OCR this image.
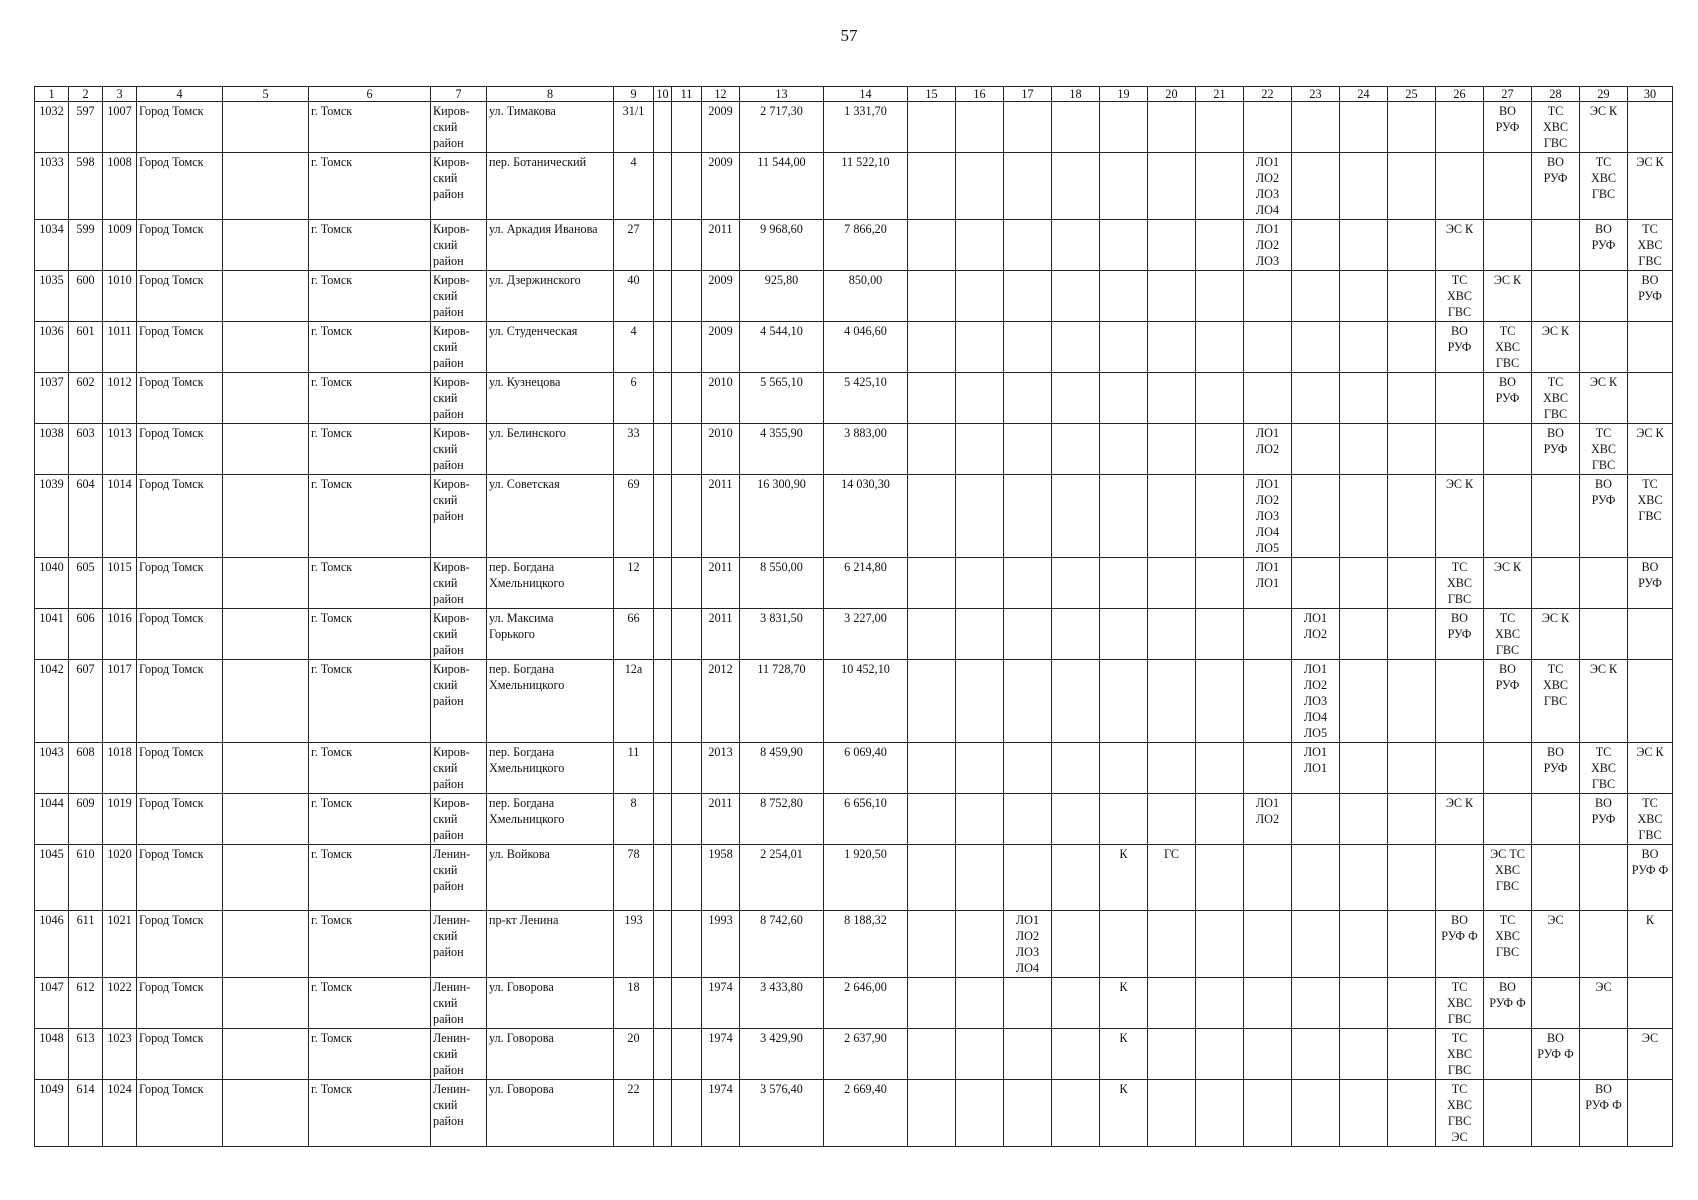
57
1	2	3	4	5	6	7	8	9	10	11	12	13	14	15	16	17	18	19	20	21	22	23	24	25	26	27	28	29	30
1032	597	1007	Город Томск		г. Томск	Киров-
ский
район	ул. Тимакова	31/1			2009	2 717,30	1 331,70													ВО
РУФ	ТС
ХВС
ГВС	ЭС К	
1033	598	1008	Город Томск		г. Томск	Киров-
ский
район	пер. Ботанический	4			2009	11 544,00	11 522,10								ЛО1
ЛО2
ЛО3
ЛО4						ВО
РУФ	ТС
ХВС
ГВС	ЭС К
1034	599	1009	Город Томск		г. Томск	Киров-
ский
район	ул. Аркадия Иванова	27			2011	9 968,60	7 866,20								ЛО1
ЛО2
ЛО3				ЭС К			ВО
РУФ	ТС
ХВС
ГВС
1035	600	1010	Город Томск		г. Томск	Киров-
ский
район	ул. Дзержинского	40			2009	925,80	850,00												ТС
ХВС
ГВС	ЭС К			ВО
РУФ
1036	601	1011	Город Томск		г. Томск	Киров-
ский
район	ул. Студенческая	4			2009	4 544,10	4 046,60												ВО
РУФ	ТС
ХВС
ГВС	ЭС К		
1037	602	1012	Город Томск		г. Томск	Киров-
ский
район	ул. Кузнецова	6			2010	5 565,10	5 425,10													ВО
РУФ	ТС
ХВС
ГВС	ЭС К	
1038	603	1013	Город Томск		г. Томск	Киров-
ский
район	ул. Белинского	33			2010	4 355,90	3 883,00								ЛО1
ЛО2						ВО
РУФ	ТС
ХВС
ГВС	ЭС К
1039	604	1014	Город Томск		г. Томск	Киров-
ский
район	ул. Советская	69			2011	16 300,90	14 030,30								ЛО1
ЛО2
ЛО3
ЛО4
ЛО5				ЭС К			ВО
РУФ	ТС
ХВС
ГВС
1040	605	1015	Город Томск		г. Томск	Киров-
ский
район	пер. Богдана
Хмельницкого	12			2011	8 550,00	6 214,80								ЛО1
ЛО1				ТС
ХВС
ГВС	ЭС К			ВО
РУФ
1041	606	1016	Город Томск		г. Томск	Киров-
ский
район	ул. Максима
Горького	66			2011	3 831,50	3 227,00									ЛО1
ЛО2			ВО
РУФ	ТС
ХВС
ГВС	ЭС К		
1042	607	1017	Город Томск		г. Томск	Киров-
ский
район	пер. Богдана
Хмельницкого	12а			2012	11 728,70	10 452,10									ЛО1
ЛО2
ЛО3
ЛО4
ЛО5				ВО
РУФ	ТС
ХВС
ГВС	ЭС К	
1043	608	1018	Город Томск		г. Томск	Киров-
ский
район	пер. Богдана
Хмельницкого	11			2013	8 459,90	6 069,40									ЛО1
ЛО1					ВО
РУФ	ТС
ХВС
ГВС	ЭС К
1044	609	1019	Город Томск		г. Томск	Киров-
ский
район	пер. Богдана
Хмельницкого	8			2011	8 752,80	6 656,10								ЛО1
ЛО2				ЭС К			ВО
РУФ	ТС
ХВС
ГВС
1045	610	1020	Город Томск		г. Томск	Ленин-
ский
район	ул. Войкова	78			1958	2 254,01	1 920,50					К	ГС							ЭС ТС
ХВС
ГВС			ВО
РУФ Ф
1046	611	1021	Город Томск		г. Томск	Ленин-
ский
район	пр-кт Ленина	193			1993	8 742,60	8 188,32			ЛО1
ЛО2
ЛО3
ЛО4									ВО
РУФ Ф	ТС
ХВС
ГВС	ЭС		К
1047	612	1022	Город Томск		г. Томск	Ленин-
ский
район	ул. Говорова	18			1974	3 433,80	2 646,00					К							ТС
ХВС
ГВС	ВО
РУФ Ф		ЭС	
1048	613	1023	Город Томск		г. Томск	Ленин-
ский
район	ул. Говорова	20			1974	3 429,90	2 637,90					К							ТС
ХВС
ГВС		ВО
РУФ Ф		ЭС
1049	614	1024	Город Томск		г. Томск	Ленин-
ский
район	ул. Говорова	22			1974	3 576,40	2 669,40					К							ТС
ХВС
ГВС
ЭС			ВО
РУФ Ф	
